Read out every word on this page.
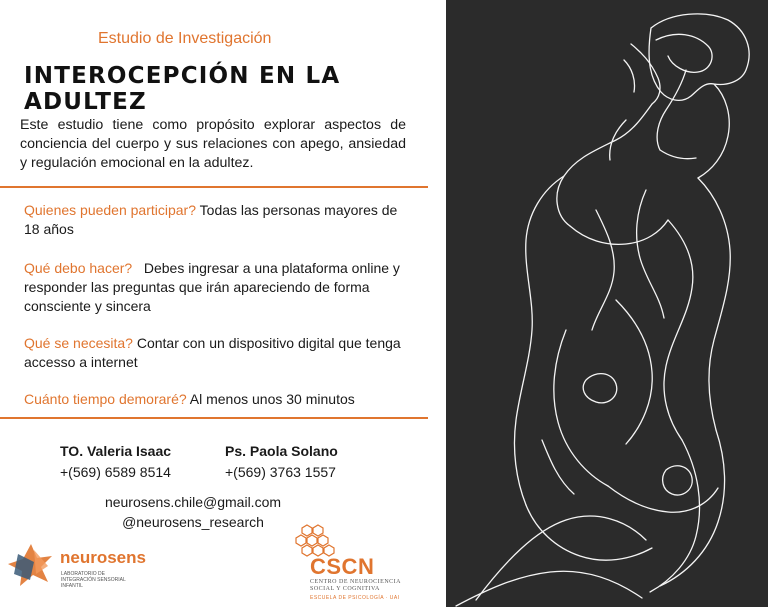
Estudio de Investigación
INTEROCEPCIÓN EN LA ADULTEZ
Este estudio tiene como propósito explorar aspectos de conciencia del cuerpo y sus relaciones con apego, ansiedad y regulación emocional en la adultez.
Quienes pueden participar? Todas las personas mayores de 18 años
Qué debo hacer?   Debes ingresar a una plataforma online y responder las preguntas que irán apareciendo de forma consciente y sincera
Qué se necesita? Contar con un dispositivo digital que tenga accesso a internet
Cuánto tiempo demoraré? Al menos unos 30 minutos
TO. Valeria Isaac
+(569) 6589 8514
Ps. Paola Solano
+(569) 3763 1557
neurosens.chile@gmail.com
@neurosens_research
neurosens
LABORATORIO DE INTEGRACIÓN SENSORIAL INFANTIL
CSCN
CENTRO DE NEUROCIENCIA
SOCIAL Y COGNITIVA
ESCUELA DE PSICOLOGÍA · UAI
